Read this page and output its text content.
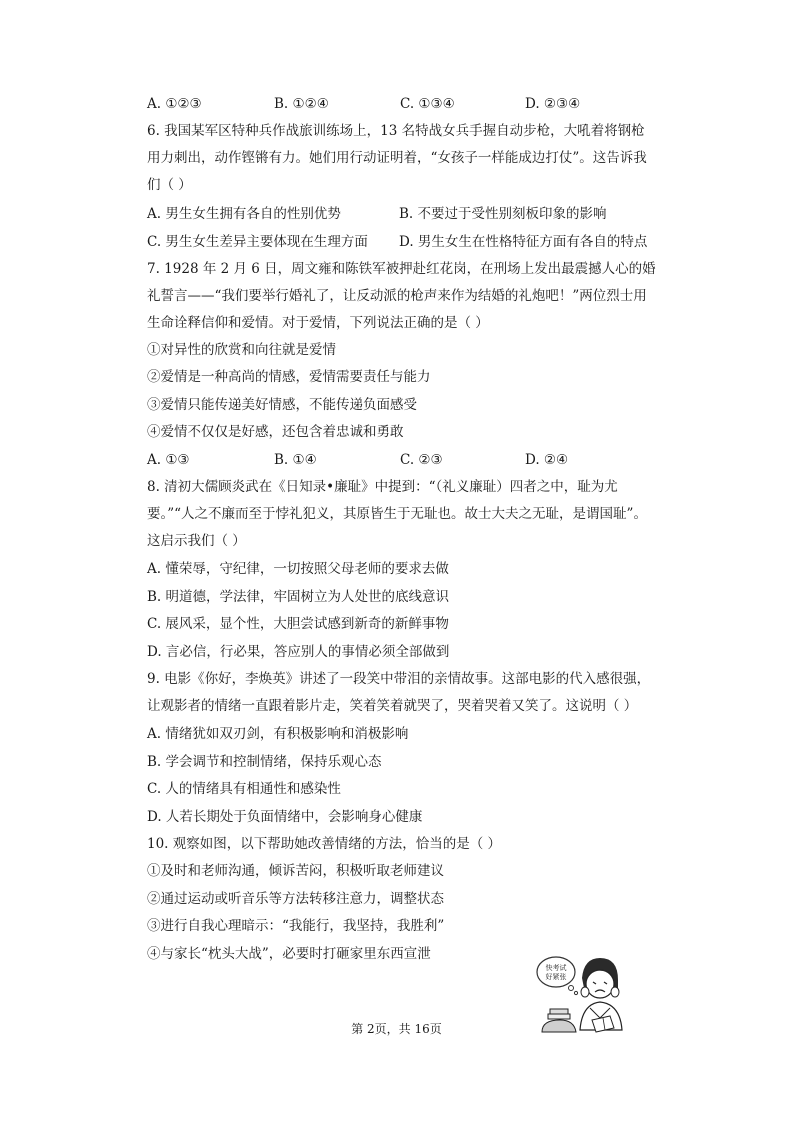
A. ①②③	B. ①②④	C. ①③④	D. ②③④
6. 我国某军区特种兵作战旅训练场上，13 名特战女兵手握自动步枪，大吼着将钢枪
用力刺出，动作铿锵有力。她们用行动证明着，“女孩子一样能成边打仗”。这告诉我
们（ ）
A. 男生女生拥有各自的性别优势	B. 不要过于受性别刻板印象的影响
C. 男生女生差异主要体现在生理方面 D. 男生女生在性格特征方面有各自的特点
7. 1928 年 2 月 6 日，周文雍和陈铁军被押赴红花岗，在刑场上发出最震撼人心的婚
礼誓言——“我们要举行婚礼了，让反动派的枪声来作为结婚的礼炮吧！”两位烈士用
生命诠释信仰和爱情。对于爱情，下列说法正确的是（ ）
①对异性的欣赏和向往就是爱情
②爱情是一种高尚的情感，爱情需要责任与能力
③爱情只能传递美好情感，不能传递负面感受
④爱情不仅仅是好感，还包含着忠诚和勇敢
A. ①③	B. ①④	C. ②③	D. ②④
8. 清初大儒顾炎武在《日知录•廉耻》中提到：“（礼义廉耻）四者之中，耻为尤
要。”“人之不廉而至于悖礼犯义，其原皆生于无耻也。故士大夫之无耻，是谓国耻”。
这启示我们（ ）
A. 懂荣辱，守纪律，一切按照父母老师的要求去做
B. 明道德，学法律，牢固树立为人处世的底线意识
C. 展风采，显个性，大胆尝试感到新奇的新鲜事物
D. 言必信，行必果，答应别人的事情必须全部做到
9. 电影《你好，李焕英》讲述了一段笑中带泪的亲情故事。这部电影的代入感很强，
让观影者的情绪一直跟着影片走，笑着笑着就哭了，哭着哭着又笑了。这说明（ ）
A. 情绪犹如双刃剑，有积极影响和消极影响
B. 学会调节和控制情绪，保持乐观心态
C. 人的情绪具有相通性和感染性
D. 人若长期处于负面情绪中，会影响身心健康
10. 观察如图，以下帮助她改善情绪的方法，恰当的是（ ）
①及时和老师沟通，倾诉苦闷，积极听取老师建议
②通过运动或听音乐等方法转移注意力，调整状态
③进行自我心理暗示：“我能行，我坚持，我胜利”
④与家长“枕头大战”，必要时打砸家里东西宣泄
快考试
好紧张
第 2页，共 16页
